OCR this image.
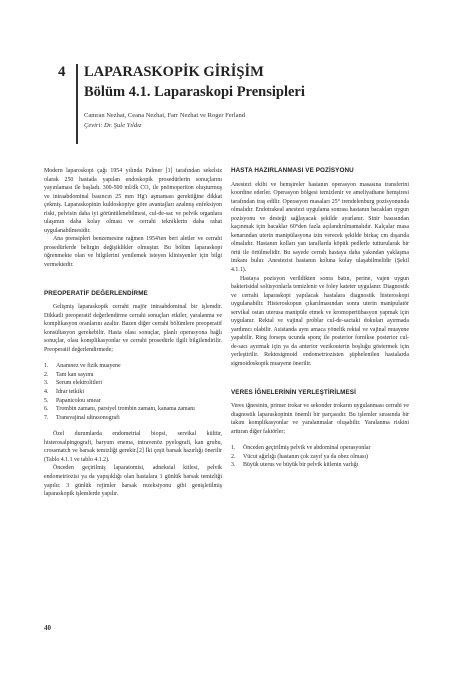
4 LAPARASKOPİK GİRİŞİM
Bölüm 4.1. Laparaskopi Prensipleri
Camran Nezhat, Ceana Nezhat, Farr Nezhat ve Roger Ferland
Çeviri: Dr. Şule Yıldız

Modern laparoskopi çağı 1954 yılında Palmer [1] tarafından sekelsiz olarak 250 hastada yapılan endoskopik prosedürlerin sonuçlarını yayınlaması ile başladı. 300-500 ml/dk CO₂ ile pnömoperiton oluşturmuş ve intraabdominal basıncın 25 mm Hg'ı aşmaması gerektiğine dikkat çekmiş. Laparaskopinin kuldoskopiye göre avantajları azalmış enfeksiyon riski, pelvisin daha iyi görüntülenebilmesi, cul-de-sac ve pelvik organlara ulaşımın daha kolay olması ve cerrahi tekniklerin daha rahat uygulanabilmesidir.

Ana prensipleri benzemesine rağmen 1954'ten beri aletler ve cerrahi prosedürlerde belirgin değişiklikler olmuştur. Bu bölüm laparaskopi öğrenmekte olan ve bilgilerini yenilemek isteyen klinisyenler için bilgi vermektedir.

PREOPERATİF DEĞERLENDİRME

Gelişmiş laparaskopik cerrahi majör intraabdominal bir işlemdir. Dikkatli preoperatif değerlendirme cerrahi sonuçları etkiler, yaralanma ve komplikasyon oranlarını azaltır. Bazen diğer cerrahi bölümlere preoperatif konsültasyon gerekebilir. Hasta olası sonuçlar, planlı operasyona bağlı sonuçlar, olası komplikasyonlar ve cerrahi prosedürle ilgili bilgilendirilir. Preoperatif değerlendirmede;

1.	Anamnez ve fizik muayene
2.	Tam kan sayımı
3.	Serum elektrolitleri
4.	İdrar tetkiki
5.	Papanicolou smear
6.	Trombin zamanı, parsiyel trombin zamanı, kanama zamanı
7.	Transvajinal ultrasonografi

Özel durumlarda endometrial biopsi, servikal kültür, histerosalpingografi, baryum enema, intravenöz pyelografi, kan grubu, crossmatch ve barsak temizliği gerekir.[2] İki çeşit barsak hazırlığı önerilir (Tablo 4.1.1 ve tablo 4.1.2).

Önceden geçirilmiş laparatomisi, adneksial kitlesi, pelvik endometriozisi ya da yapışıklığı olan hastalara 1 günlük barsak temizliği yapılır. 3 günlük rejimler barsak rezeksiyonu gibi genişletilmiş laparaskopik işlemlerde yapılır.

HASTA HAZIRLANMASI VE POZİSYONU

Anestezi ekibi ve hemşireler hastanın operasyon masasına transferini koordine ederler. Operasyon bölgesi temizlenir ve ameliyathane hemşiresi tarafından traş edilir. Operasyon masaları 25° trendelenburg pozisyonunda olmalıdır. Endotrakeal anestezi uygulama sonrası hastanın bacakları uygun pozisyonu ve desteği sağlayacak şekilde ayarlanır. Sinir basısından kaçınmak için bacaklar 60°den fazla açılandırılmamalıdır. Kalçalar masa kenarından uterin manipülasyona izin verecek şekilde birkaç cm dışarıda olmalıdır. Hastanın kolları yan taraflarda köpük pedlerle tutturularak bir örtü ile örtülmelidir. Bu sayede cerrah hastaya daha yakından yaklaşma imkanı bulur. Anestezist hastanın koluna kolay ulaşabilmelidir (Şekil 4.1.1).

Hastaya pozisyon verildikten sonra batın, perine, vajen uygun bakterisidal solüsyonlarla temizlenir ve foley kateter uygulanır. Diagnostik ve cerrahi laparaskopi yapılacak hastalara diagnostik histeroskopi uygulanabilir. Histeroskopun çıkarılmasından sonra uterin manipulatör servikal ostan uterusa manipüle etmek ve kromopertübasyon yapmak için uygulanır. Rektal ve vajinal problar cul-de-sactaki dokuları ayırmada yardımcı olabilir. Asistanda aynı amaca yönelik rektal ve vajinal muayene yapabilir. Ring forseps ucunda sponç ile posterior forniksе posterior cul-de-saсı ayırmak için ya da anterior vezikouterin boşluğu göstermek için yerleştirilir. Rektosigmoid endometriozisten şüphelenilen hastalarda sigmoidoskopik muayene önerilir.

VERES İĞNELERİNİN YERLEŞTİRİLMESİ

Veres iğnesinin, primer trokar ve sekonder trokarın uygulanması cerrahi ve diagnostik laparaskopinin önemli bir parçasıdır. Bu işlemler sırasında bir takım komplikasyonlar ve yaralanmalar oluşabilir. Yaralanma riskini arttıran diğer faktörler;

1.	Önceden geçirilmiş pelvik ve abdominal operasyonlar
2.	Vücut ağırlığı (hastanın çok zayıf ya da obez olması)
3.	Büyük uterus ve büyük bir pelvik kitlenin varlığı
40
